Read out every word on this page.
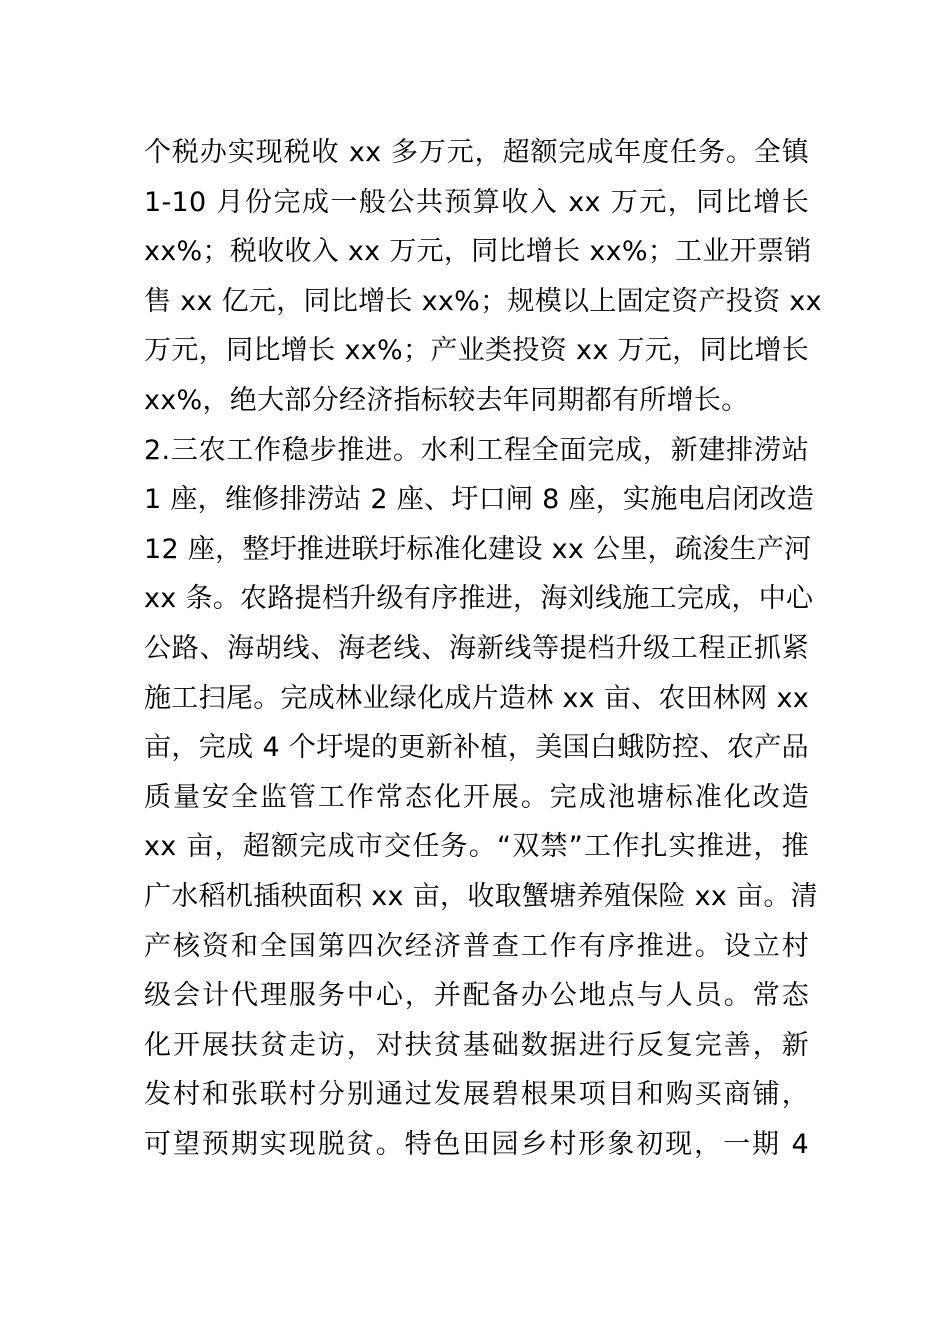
个税办实现税收 xx 多万元，超额完成年度任务。全镇
1-10 月份完成一般公共预算收入 xx 万元，同比增长
xx%；税收收入 xx 万元，同比增长 xx%；工业开票销
售 xx 亿元，同比增长 xx%；规模以上固定资产投资 xx
万元，同比增长 xx%；产业类投资 xx 万元，同比增长
xx%，绝大部分经济指标较去年同期都有所增长。
2.三农工作稳步推进。水利工程全面完成，新建排涝站
1 座，维修排涝站 2 座、圩口闸 8 座，实施电启闭改造
12 座，整圩推进联圩标准化建设 xx 公里，疏浚生产河
xx 条。农路提档升级有序推进，海刘线施工完成，中心
公路、海胡线、海老线、海新线等提档升级工程正抓紧
施工扫尾。完成林业绿化成片造林 xx 亩、农田林网 xx
亩，完成 4 个圩堤的更新补植，美国白蛾防控、农产品
质量安全监管工作常态化开展。完成池塘标准化改造
xx 亩，超额完成市交任务。“双禁”工作扎实推进，推
广水稻机插秧面积 xx 亩，收取蟹塘养殖保险 xx 亩。清
产核资和全国第四次经济普查工作有序推进。设立村
级会计代理服务中心，并配备办公地点与人员。常态
化开展扶贫走访，对扶贫基础数据进行反复完善，新
发村和张联村分别通过发展碧根果项目和购买商铺，
可望预期实现脱贫。特色田园乡村形象初现，一期 4
